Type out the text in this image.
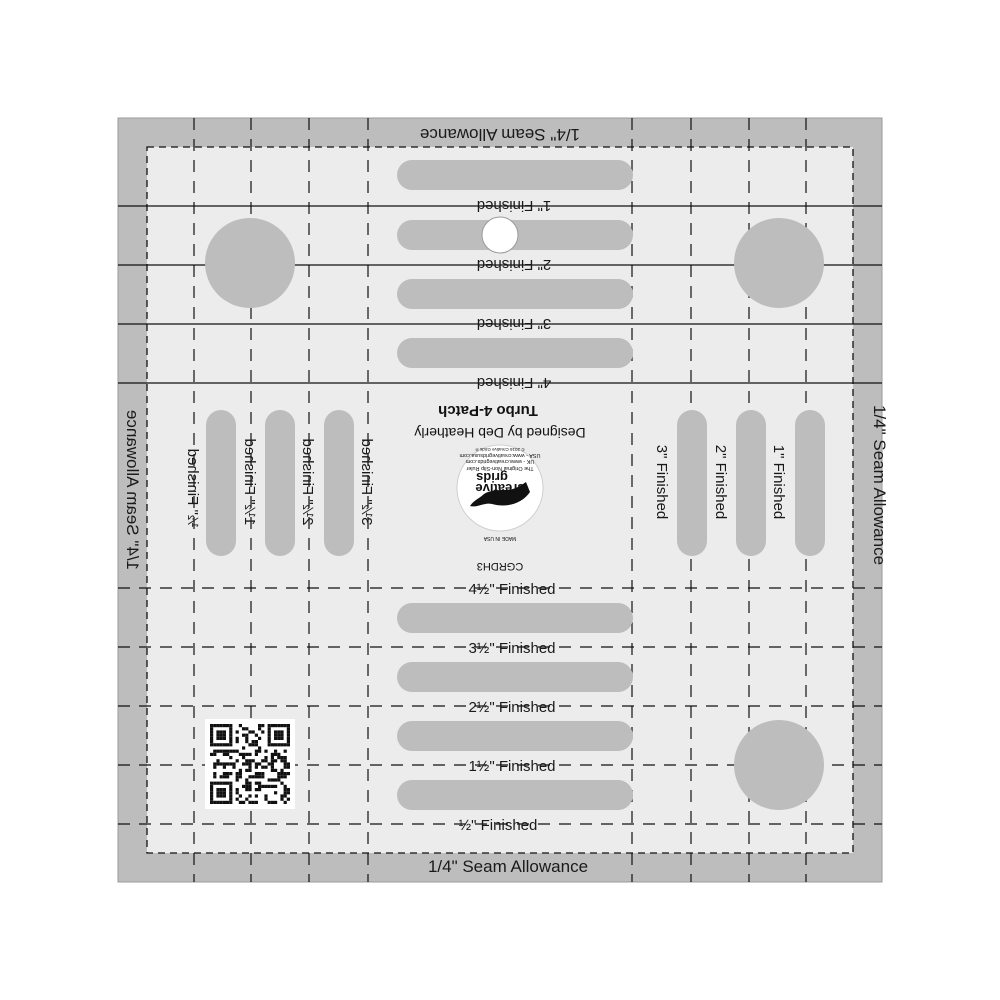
1/4" Seam Allowance
1/4" Seam Allowance
1/4" Seam Allowance	1/4" Seam Allowance
1" Finished
2" Finished
3" Finished
4" Finished
4½" Finished
3½" Finished
2½" Finished
1½" Finished
½" Finished
½" Finished	1½" Finished	2½" Finished	3½" Finished	3" Finished	2" Finished	1" Finished
Turbo 4-Patch
Designed by Deb Heatherly
creative
grids
The Original Non-Slip Ruler
UK - www.creativegrids.com
USA - www.creativegridsusa.com
© 2016 Creative Grids ®
MADE IN USA
CGRDH3
